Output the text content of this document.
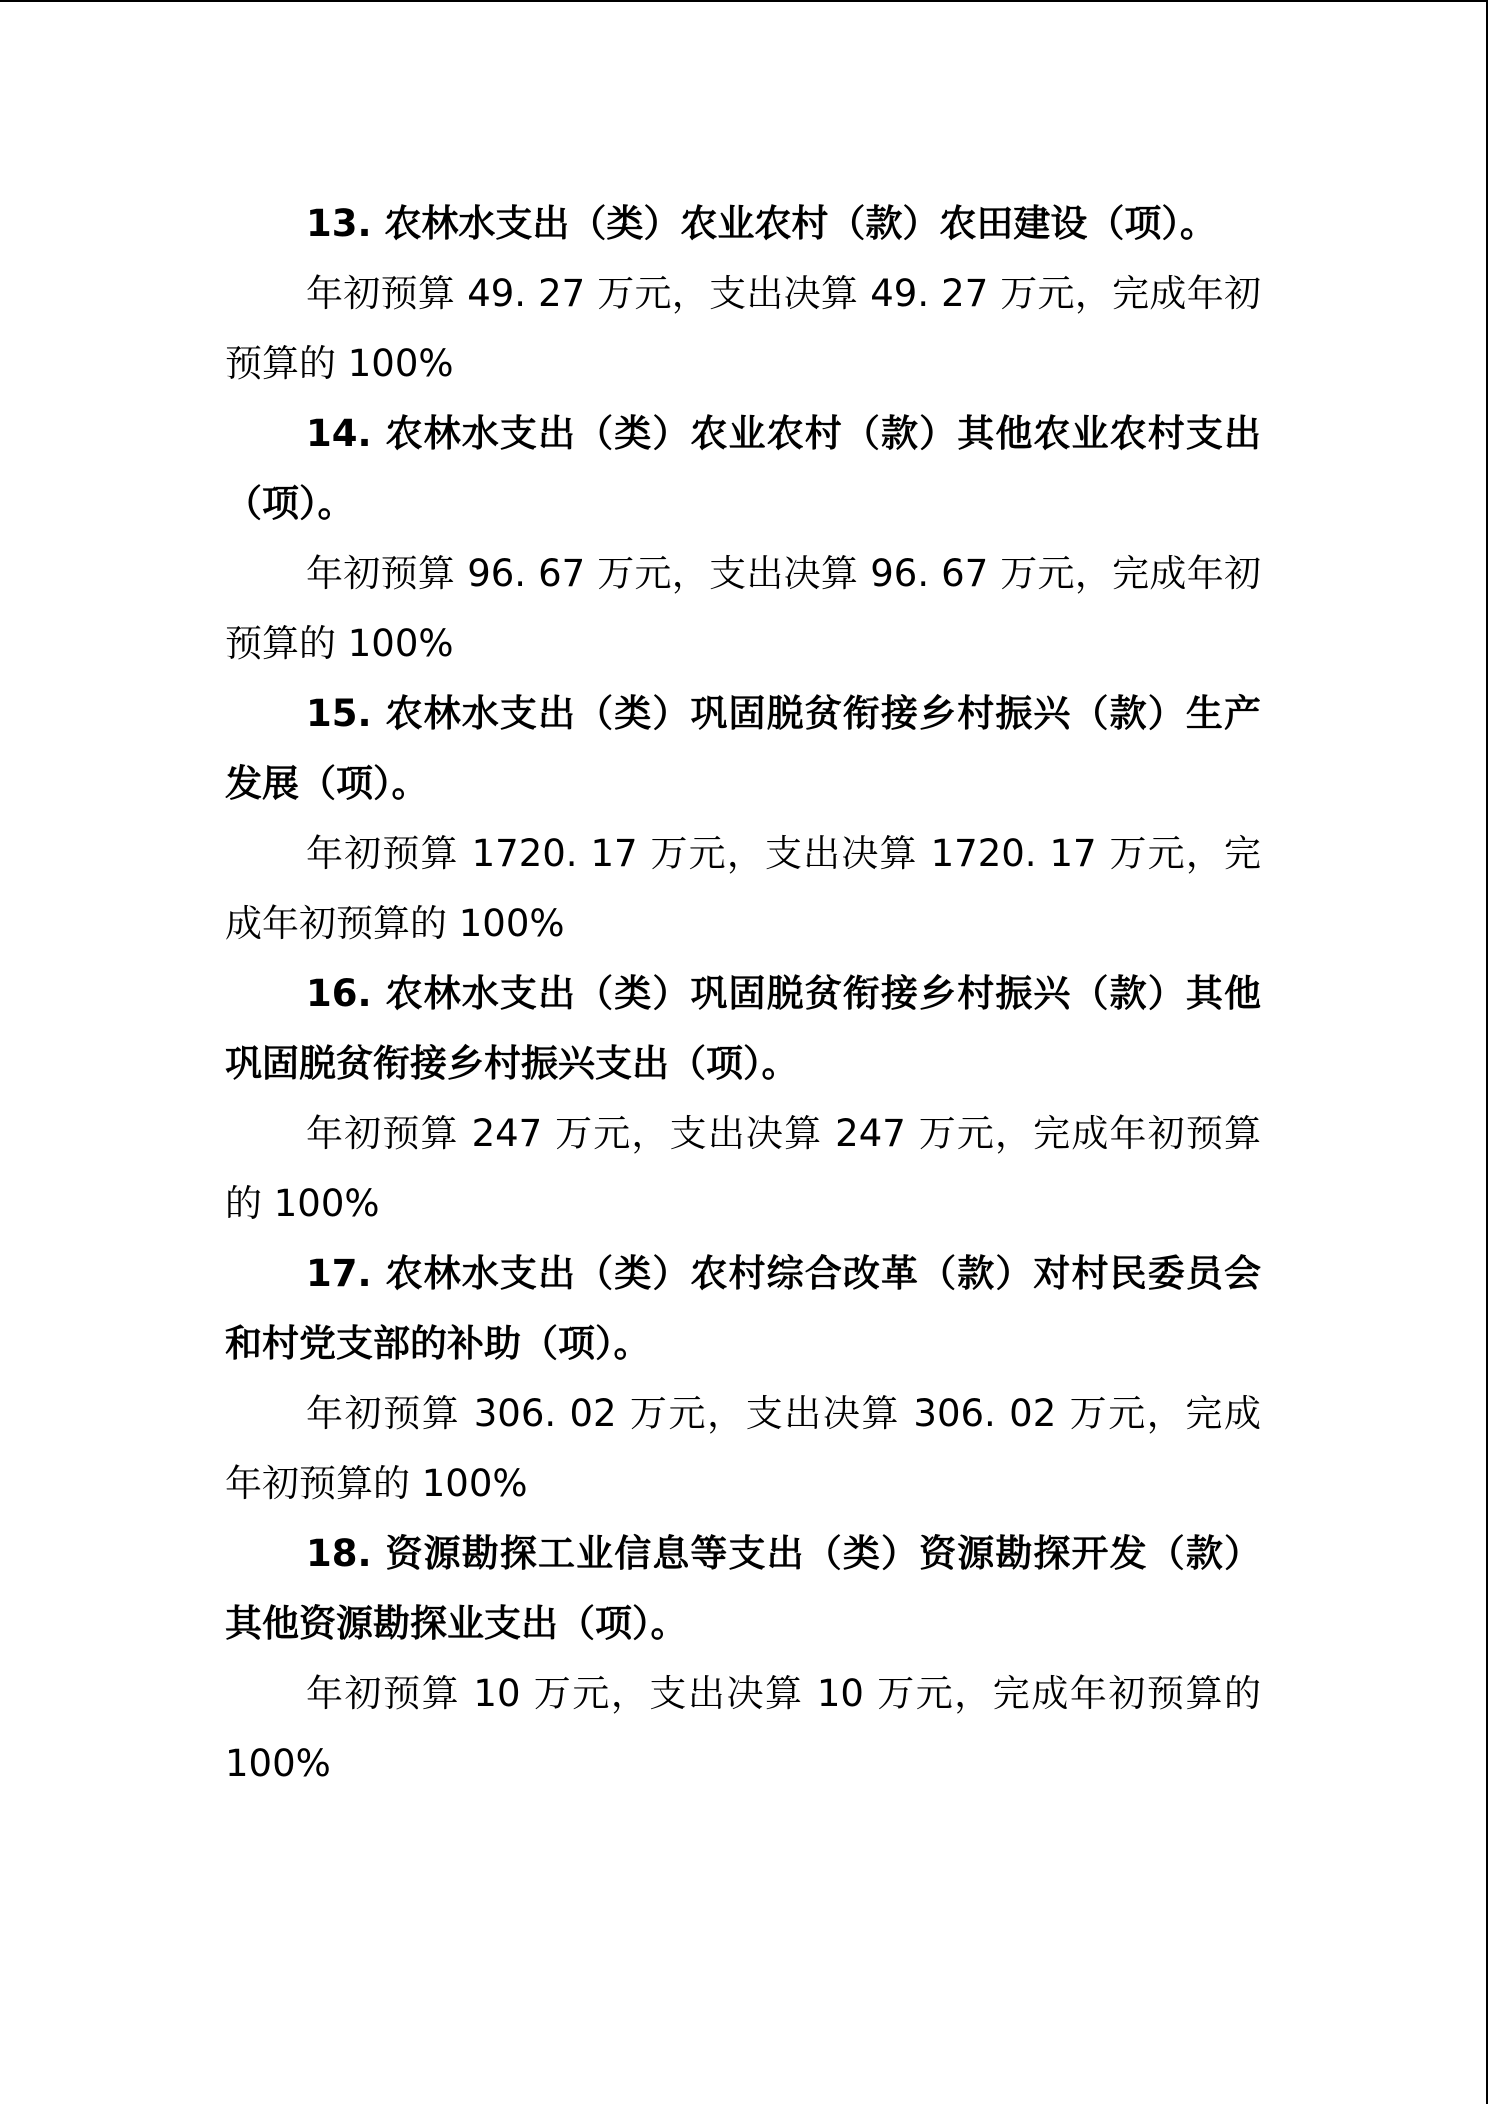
13. 农林水支出（类）农业农村（款）农田建设（项）。

年初预算 49. 27 万元，支出决算 49. 27 万元，完成年初预算的 100%

14. 农林水支出（类）农业农村（款）其他农业农村支出（项）。

年初预算 96. 67 万元，支出决算 96. 67 万元，完成年初预算的 100%

15. 农林水支出（类）巩固脱贫衔接乡村振兴（款）生产发展（项）。

年初预算 1720. 17 万元，支出决算 1720. 17 万元，完成年初预算的 100%

16. 农林水支出（类）巩固脱贫衔接乡村振兴（款）其他巩固脱贫衔接乡村振兴支出（项）。

年初预算 247 万元，支出决算 247 万元，完成年初预算的 100%

17. 农林水支出（类）农村综合改革（款）对村民委员会和村党支部的补助（项）。

年初预算 306. 02 万元，支出决算 306. 02 万元，完成年初预算的 100%

18. 资源勘探工业信息等支出（类）资源勘探开发（款）其他资源勘探业支出（项）。

年初预算 10 万元，支出决算 10 万元，完成年初预算的 100%
